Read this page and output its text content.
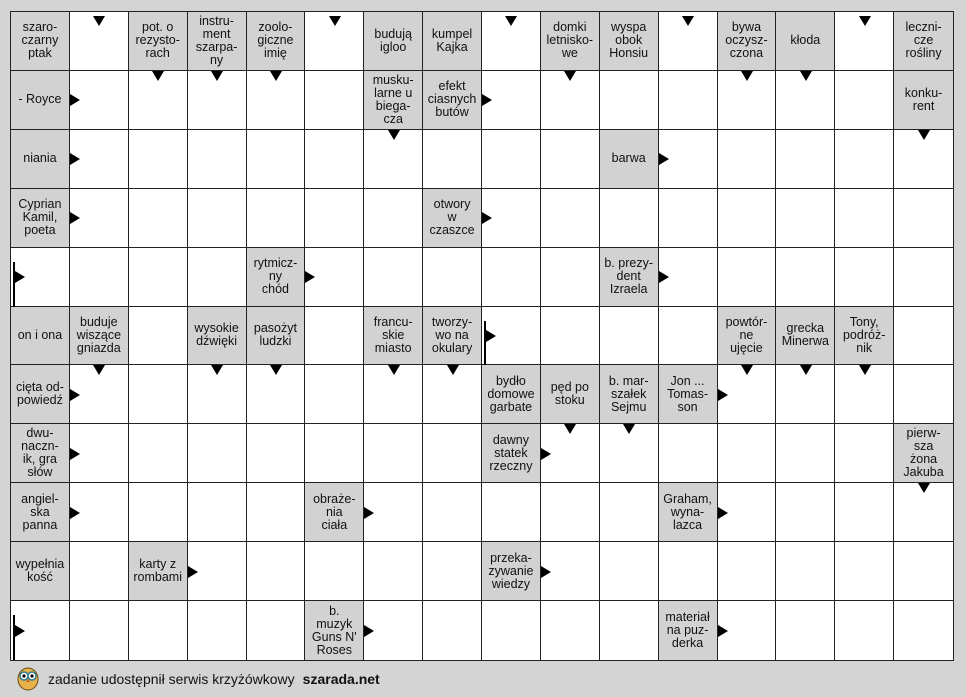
szaro-
czarny
ptak
pot. o
rezysto-
rach
instru-
ment
szarpa-
ny
zoolo-
giczne
imię
budują
igloo
kumpel
Kajka
domki
letnisko-
we
wyspa
obok
Honsiu
bywa
oczysz-
czona
kłoda
leczni-
cze
rośliny
- Royce
musku-
larne u
biega-
cza
efekt
ciasnych
butów
konku-
rent
niania	barwa
Cyprian
Kamil,
poeta
otwory
w
czaszce
rytmicz-
ny
chód
b. prezy-
dent
Izraela
on i ona
buduje
wiszące
gniazda
wysokie
dźwięki
pasożyt
ludzki
francu-
skie
miasto
tworzy-
wo na
okulary
powtór-
ne
ujęcie
grecka
Minerwa
Tony,
podróż-
nik
cięta od-
powiedź
bydło
domowe
garbate
pęd po
stoku
b. mar-
szałek
Sejmu
Jon ...
Tomas-
son
dwu-
naczn-
ik, gra
słów
dawny
statek
rzeczny
pierw-
sza
żona
Jakuba
angiel-
ska
panna
obraże-
nia
ciała
Graham,
wyna-
lazca
wypełnia
kość
karty z
rombami
przeka-
zywanie
wiedzy
b.
muzyk
Guns N'
Roses
materiał
na puz-
derka
zadanie udostępnił serwis krzyżówkowy szarada.net
